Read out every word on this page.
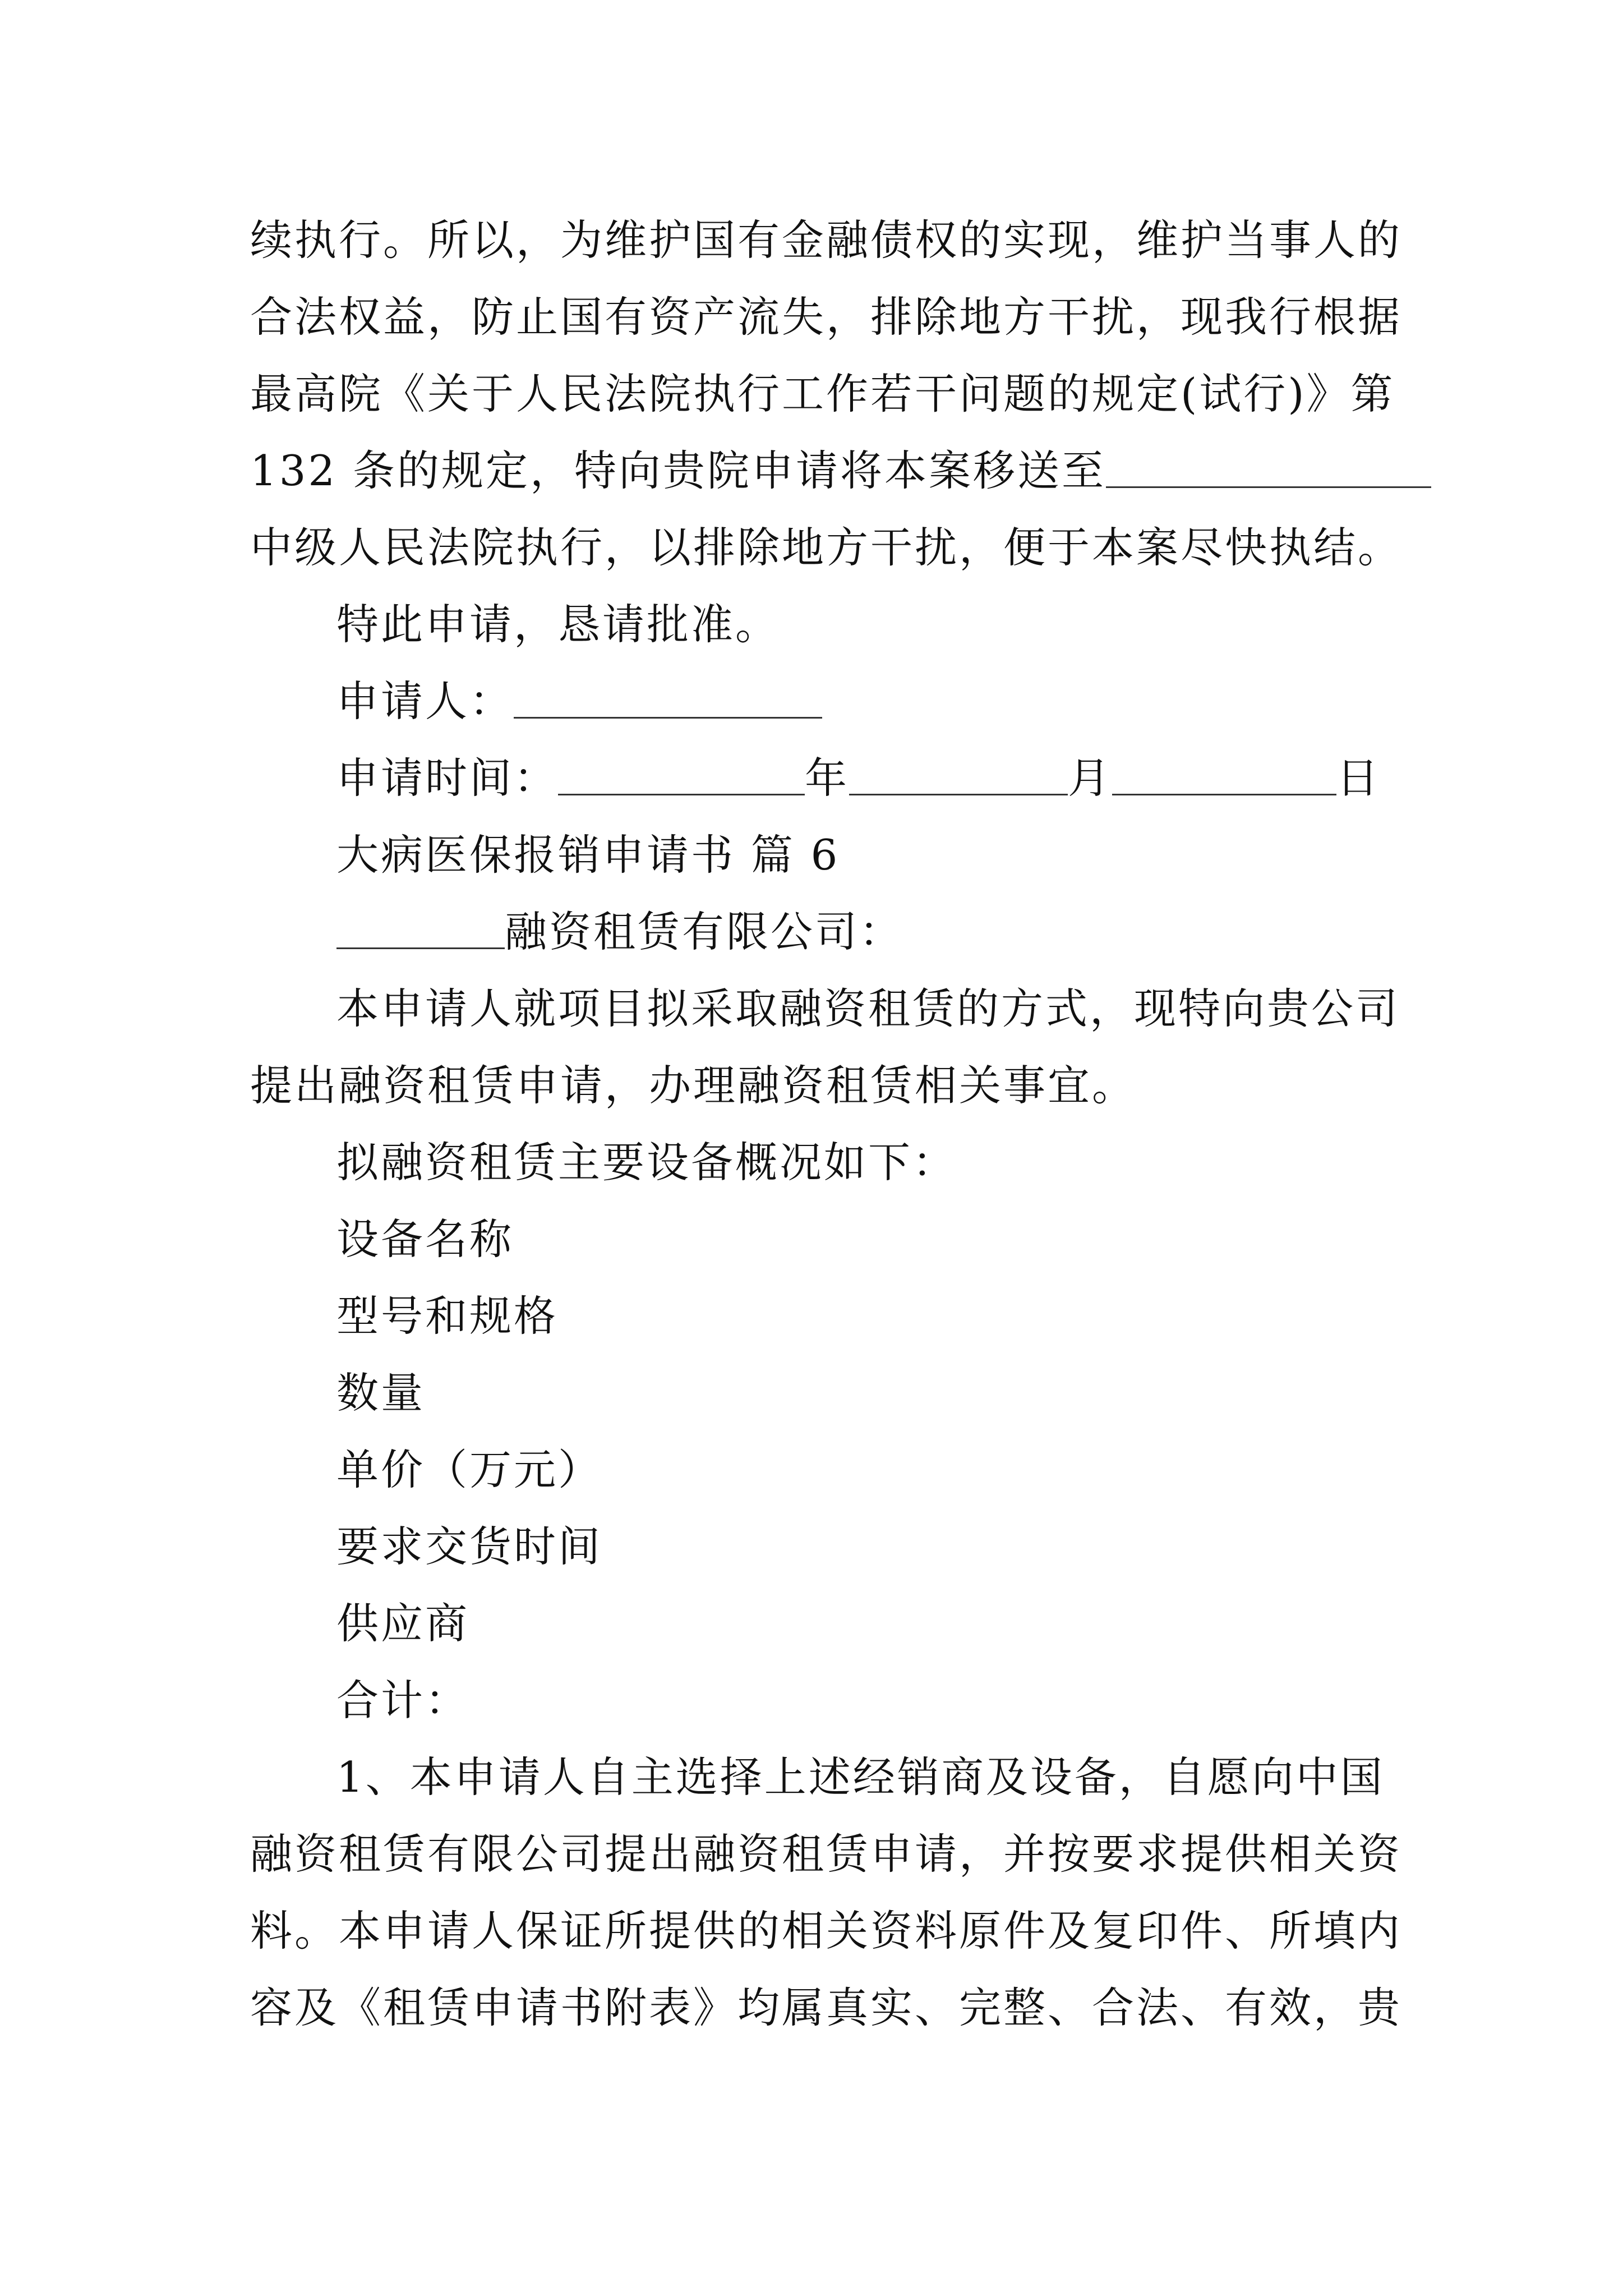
续执行。所以，为维护国有金融债权的实现，维护当事人的
合法权益，防止国有资产流失，排除地方干扰，现我行根据
最高院《关于人民法院执行工作若干问题的规定(试行)》第
132 条的规定，特向贵院申请将本案移送至
中级人民法院执行，以排除地方干扰，便于本案尽快执结。
特此申请，恳请批准。
申请人：
申请时间：	年	月	日
大病医保报销申请书 篇 6
融资租赁有限公司：
本申请人就项目拟采取融资租赁的方式，现特向贵公司
提出融资租赁申请，办理融资租赁相关事宜。
拟融资租赁主要设备概况如下：
设备名称
型号和规格
数量
单价（万元）
要求交货时间
供应商
合计：
1、本申请人自主选择上述经销商及设备，自愿向中国
融资租赁有限公司提出融资租赁申请，并按要求提供相关资
料。本申请人保证所提供的相关资料原件及复印件、所填内
容及《租赁申请书附表》均属真实、完整、合法、有效，贵
